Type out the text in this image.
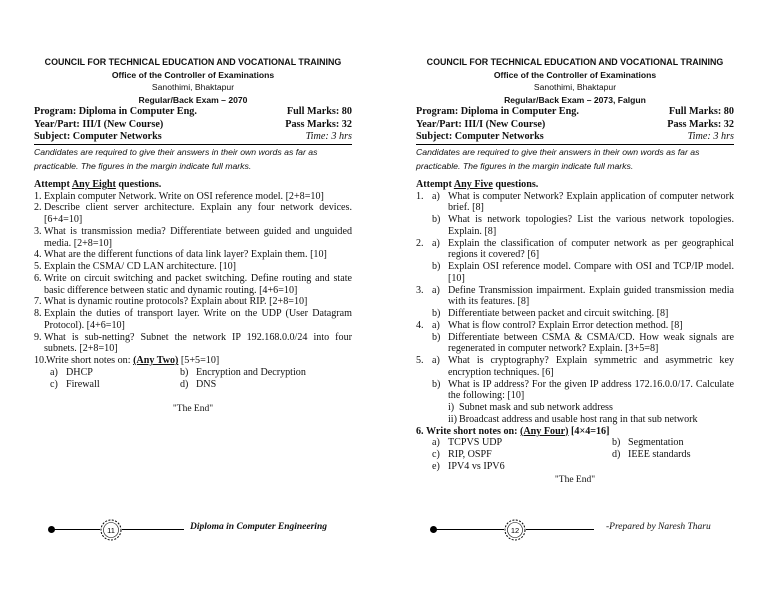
COUNCIL FOR TECHNICAL EDUCATION AND VOCATIONAL TRAINING
Office of the Controller of Examinations
Sanothimi, Bhaktapur
Regular/Back Exam – 2070
Program: Diploma in Computer Eng.	Full Marks: 80
Year/Part: III/I (New Course)	Pass Marks: 32
Subject: Computer Networks	Time: 3 hrs
Candidates are required to give their answers in their own words as far as practicable. The figures in the margin indicate full marks.
Attempt Any Eight questions.
1. Explain computer Network. Write on OSI reference model. [2+8=10]
2. Describe client server architecture. Explain any four network devices. [6+4=10]
3. What is transmission media? Differentiate between guided and unguided media. [2+8=10]
4. What are the different functions of data link layer? Explain them. [10]
5. Explain the CSMA/ CD LAN architecture. [10]
6. Write on circuit switching and packet switching. Define routing and state basic difference between static and dynamic routing. [4+6=10]
7. What is dynamic routine protocols? Explain about RIP. [2+8=10]
8. Explain the duties of transport layer. Write on the UDP (User Datagram Protocol). [4+6=10]
9. What is sub-netting? Subnet the network IP 192.168.0.0/24 into four subnets. [2+8=10]
10. Write short notes on: (Any Two) [5+5=10]
a) DHCP	b) Encryption and Decryption
c) Firewall	d) DNS
"The End"
11	Diploma in Computer Engineering
COUNCIL FOR TECHNICAL EDUCATION AND VOCATIONAL TRAINING
Office of the Controller of Examinations
Sanothimi, Bhaktapur
Regular/Back Exam – 2073, Falgun
Program: Diploma in Computer Eng.	Full Marks: 80
Year/Part: III/I (New Course)	Pass Marks: 32
Subject: Computer Networks	Time: 3 hrs
Candidates are required to give their answers in their own words as far as practicable. The figures in the margin indicate full marks.
Attempt Any Five questions.
1. a) What is computer Network? Explain application of computer network brief. [8]
b) What is network topologies? List the various network topologies. Explain. [8]
2. a) Explain the classification of computer network as per geographical regions it covered? [6]
b) Explain OSI reference model. Compare with OSI and TCP/IP model. [10]
3. a) Define Transmission impairment. Explain guided transmission media with its features. [8]
b) Differentiate between packet and circuit switching. [8]
4. a) What is flow control? Explain Error detection method. [8]
b) Differentiate between CSMA & CSMA/CD. How weak signals are regenerated in computer network? Explain. [3+5=8]
5. a) What is cryptography? Explain symmetric and asymmetric key encryption techniques. [6]
b) What is IP address? For the given IP address 172.16.0.0/17. Calculate the following: [10]
i) Subnet mask and sub network address
ii) Broadcast address and usable host rang in that sub network
6. Write short notes on: (Any Four) [4×4=16]
a) TCPVS UDP	b) Segmentation
c) RIP, OSPF	d) IEEE standards
e) IPV4 vs IPV6
"The End"
12	-Prepared by Naresh Tharu
